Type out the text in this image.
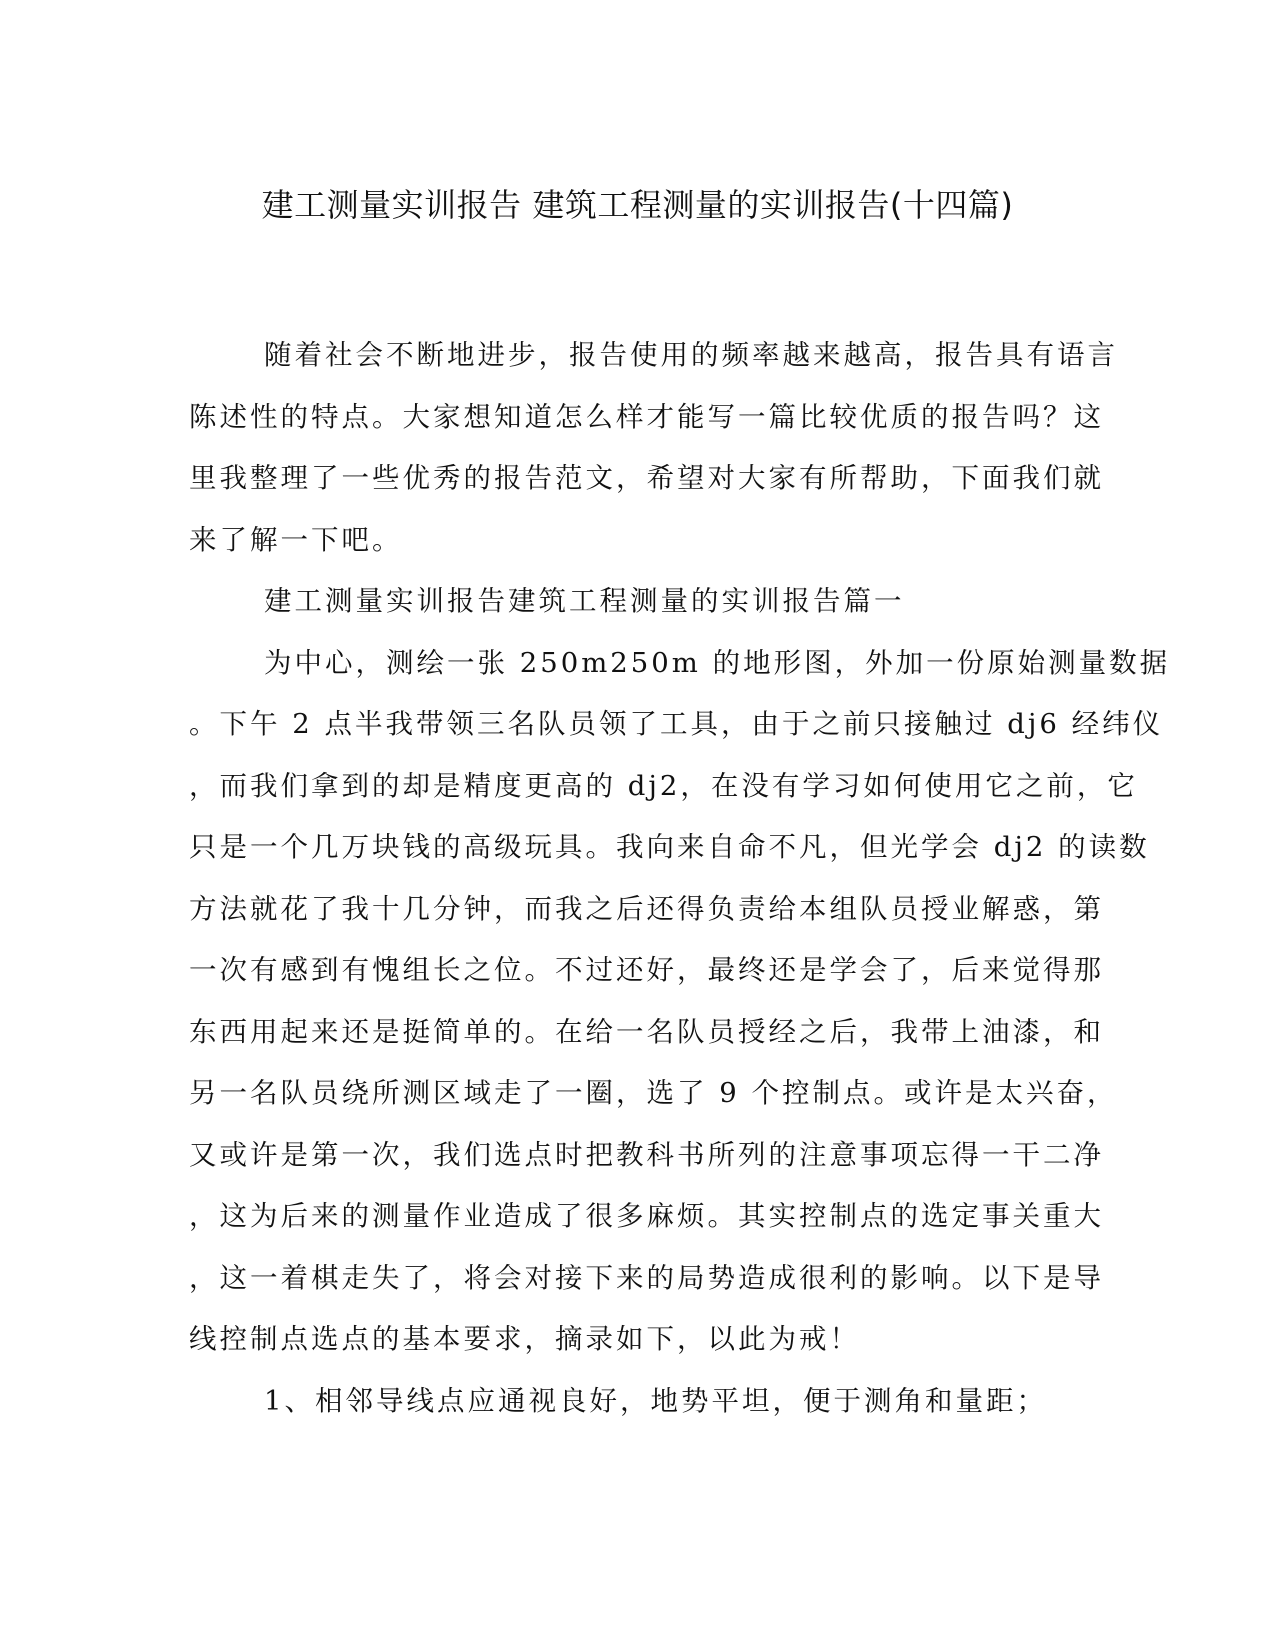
建工测量实训报告 建筑工程测量的实训报告(十四篇)
随着社会不断地进步，报告使用的频率越来越高，报告具有语言
陈述性的特点。大家想知道怎么样才能写一篇比较优质的报告吗？这
里我整理了一些优秀的报告范文，希望对大家有所帮助，下面我们就
来了解一下吧。
建工测量实训报告建筑工程测量的实训报告篇一
为中心，测绘一张 250m250m 的地形图，外加一份原始测量数据
。下午 2 点半我带领三名队员领了工具，由于之前只接触过 dj6 经纬仪
，而我们拿到的却是精度更高的 dj2，在没有学习如何使用它之前，它
只是一个几万块钱的高级玩具。我向来自命不凡，但光学会 dj2 的读数
方法就花了我十几分钟，而我之后还得负责给本组队员授业解惑，第
一次有感到有愧组长之位。不过还好，最终还是学会了，后来觉得那
东西用起来还是挺简单的。在给一名队员授经之后，我带上油漆，和
另一名队员绕所测区域走了一圈，选了 9 个控制点。或许是太兴奋，
又或许是第一次，我们选点时把教科书所列的注意事项忘得一干二净
，这为后来的测量作业造成了很多麻烦。其实控制点的选定事关重大
，这一着棋走失了，将会对接下来的局势造成很利的影响。以下是导
线控制点选点的基本要求，摘录如下，以此为戒！
1、相邻导线点应通视良好，地势平坦，便于测角和量距；
